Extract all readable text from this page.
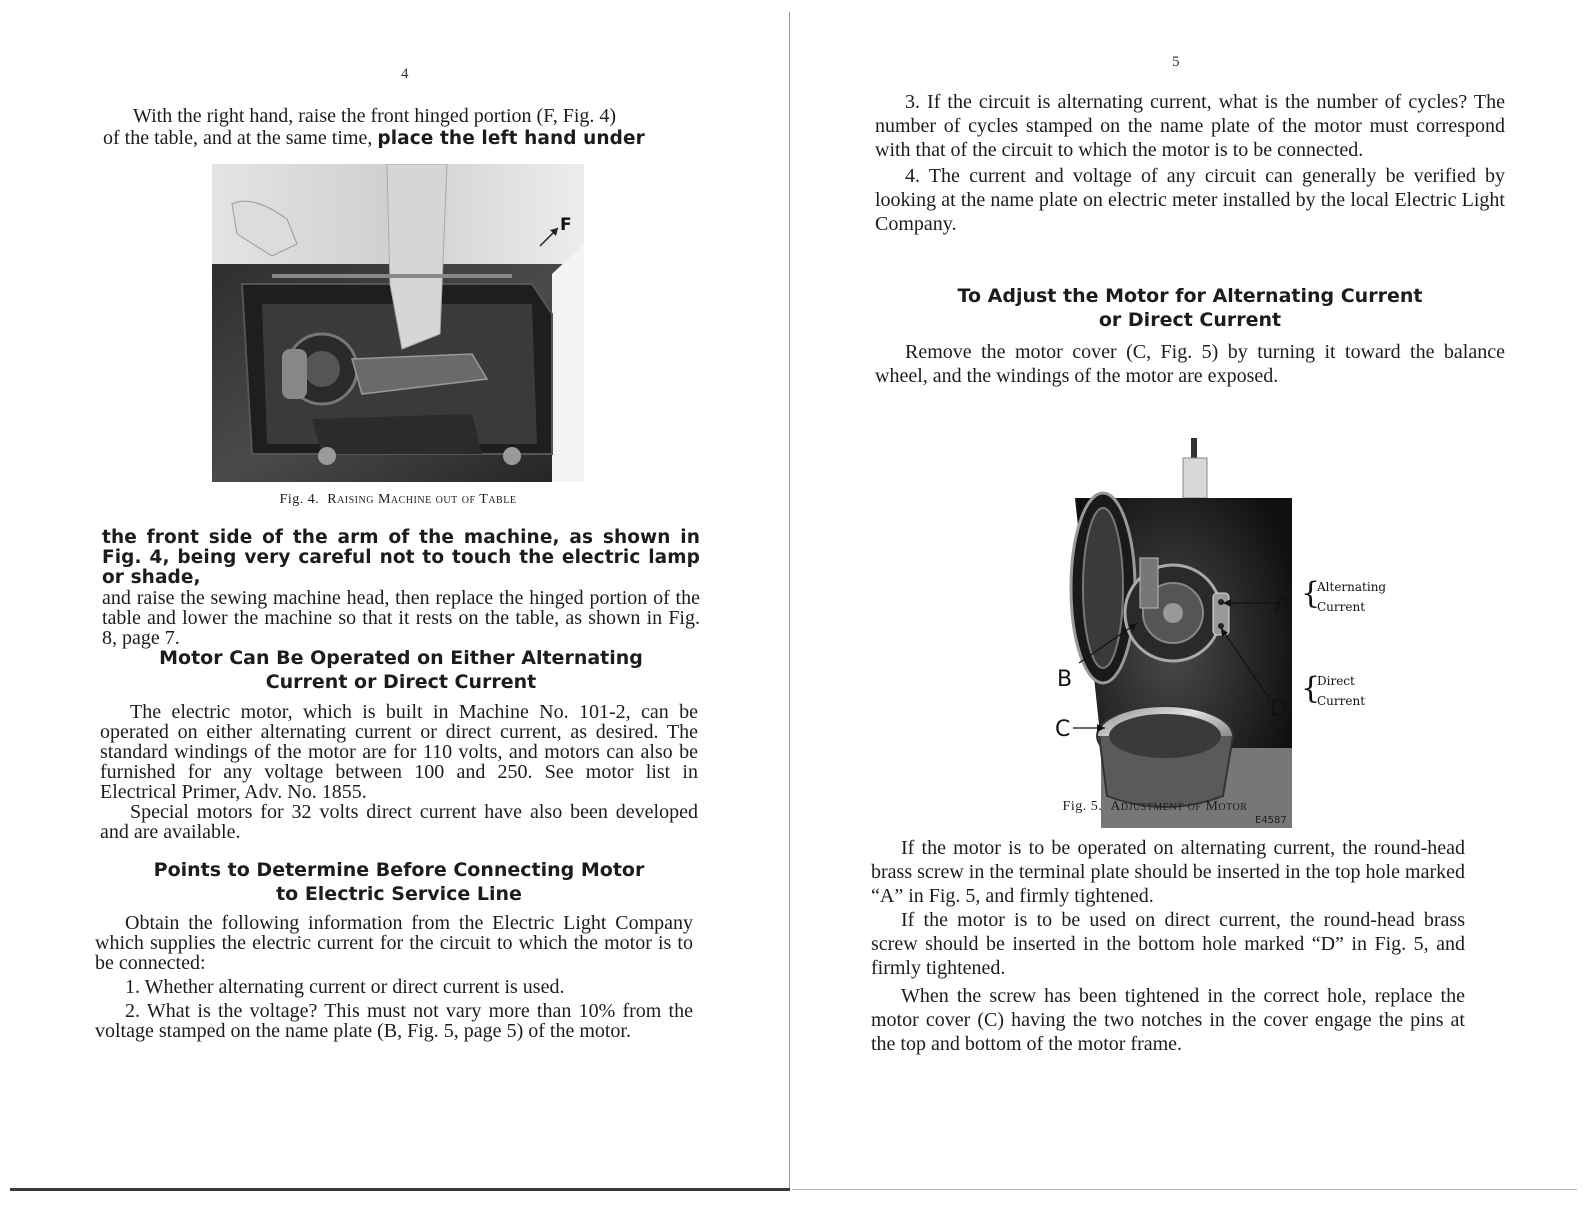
4

With the right hand, raise the front hinged portion (F, Fig. 4)

of the table, and at the same time, place the left hand under

F
Fig. 4. Raising Machine out of Table

the front side of the arm of the machine, as shown in Fig. 4, being very careful not to touch the electric lamp or shade,

and raise the sewing machine head, then replace the hinged portion of the table and lower the machine so that it rests on the table, as shown in Fig. 8, page 7.

Motor Can Be Operated on Either Alternating
Current or Direct Current

The electric motor, which is built in Machine No. 101-2, can be operated on either alternating current or direct current, as desired. The standard windings of the motor are for 110 volts, and motors can also be furnished for any voltage between 100 and 250. See motor list in Electrical Primer, Adv. No. 1855.

Special motors for 32 volts direct current have also been developed and are available.

Points to Determine Before Connecting Motor
to Electric Service Line

Obtain the following information from the Electric Light Company which supplies the electric current for the circuit to which the motor is to be connected:

1. Whether alternating current or direct current is used.

2. What is the voltage? This must not vary more than 10% from the voltage stamped on the name plate (B, Fig. 5, page 5) of the motor.

5

3. If the circuit is alternating current, what is the number of cycles? The number of cycles stamped on the name plate of the motor must correspond with that of the circuit to which the motor is to be connected.

4. The current and voltage of any circuit can generally be verified by looking at the name plate on electric meter installed by the local Electric Light Company.

To Adjust the Motor for Alternating Current
or Direct Current

Remove the motor cover (C, Fig. 5) by turning it toward the balance wheel, and the windings of the motor are exposed.

E4587
A
B
C
D
{
{
Alternating
Current
Direct
Current
Fig. 5. Adjustment of Motor

If the motor is to be operated on alternating current, the round-head brass screw in the terminal plate should be inserted in the top hole marked “A” in Fig. 5, and firmly tightened.

If the motor is to be used on direct current, the round-head brass screw should be inserted in the bottom hole marked “D” in Fig. 5, and firmly tightened.

When the screw has been tightened in the correct hole, replace the motor cover (C) having the two notches in the cover engage the pins at the top and bottom of the motor frame.
